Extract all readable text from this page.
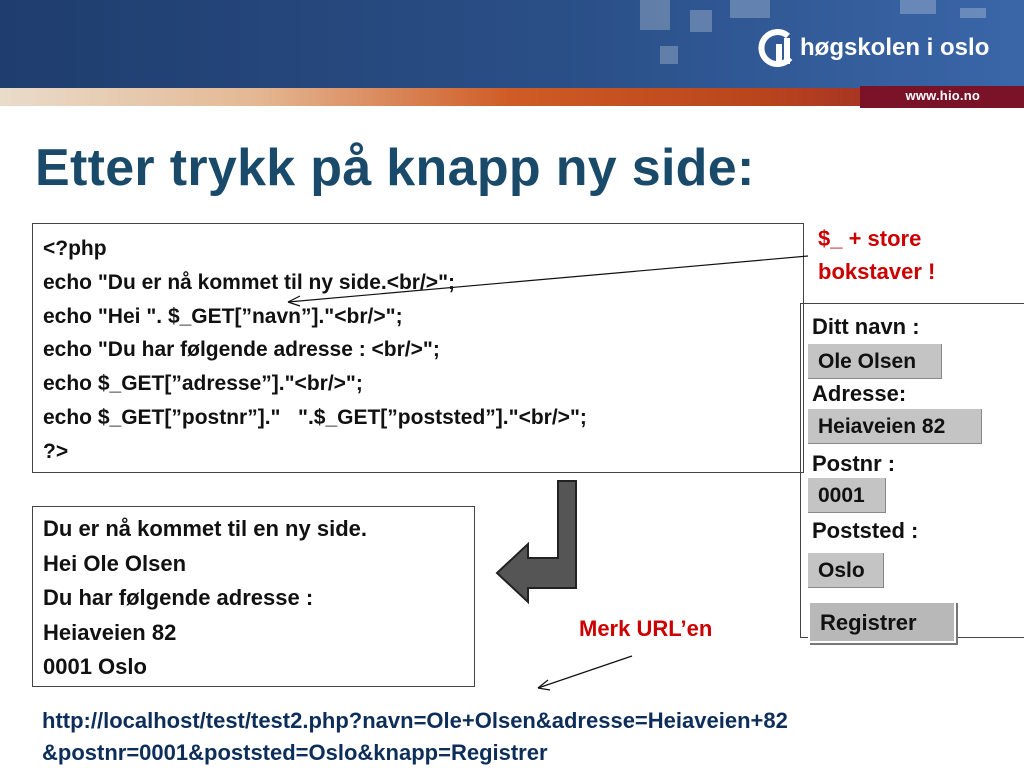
www.hio.no
høgskolen i oslo
Etter trykk på knapp ny side:
<?php
echo "Du er nå kommet til ny side.<br/>";
echo "Hei ". $_GET[”navn”]."<br/>";
echo "Du har følgende adresse : <br/>";
echo $_GET[”adresse”]."<br/>";
echo $_GET[”postnr”]."   ".$_GET[”poststed”]."<br/>";
?>
$_ + store
bokstaver !
Ditt navn :
Ole Olsen
Adresse:
Heiaveien 82
Postnr :
0001
Poststed :
Oslo
Registrer
Du er nå kommet til en ny side.
Hei Ole Olsen
Du har følgende adresse :
Heiaveien 82
0001 Oslo
Merk URL’en
http://localhost/test/test2.php?navn=Ole+Olsen&adresse=Heiaveien+82
&postnr=0001&poststed=Oslo&knapp=Registrer
